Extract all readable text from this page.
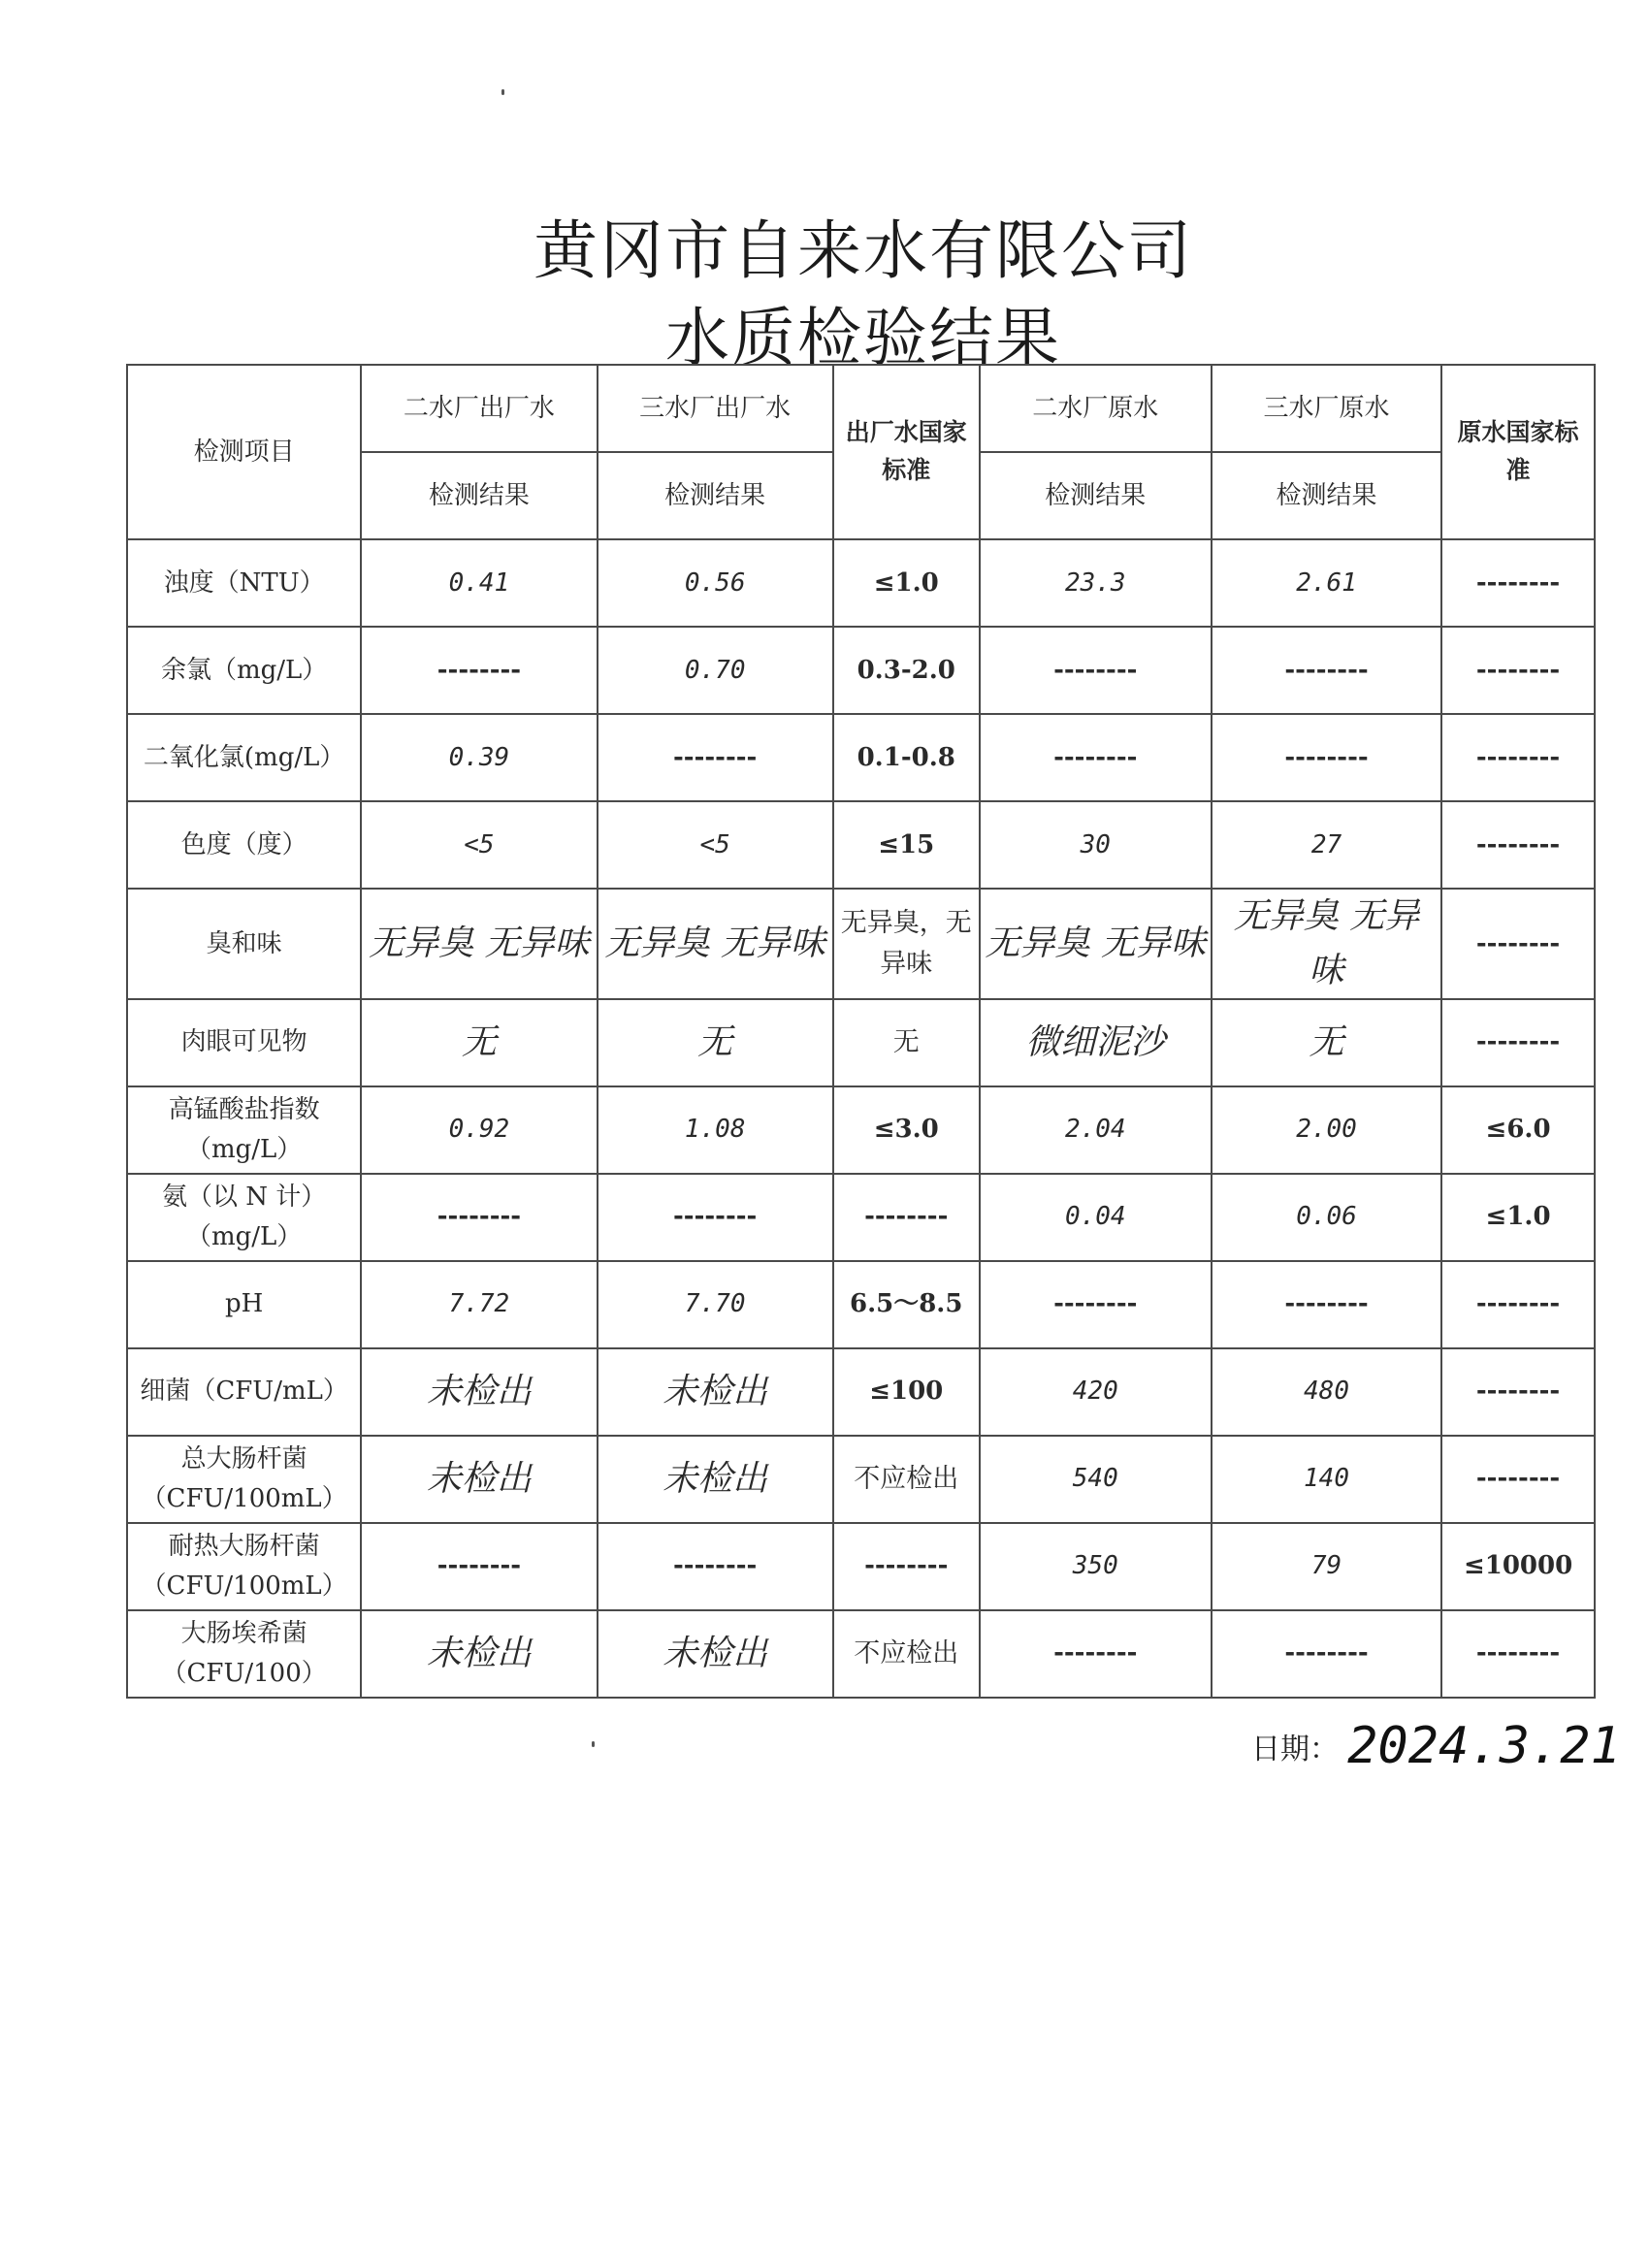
黄冈市自来水有限公司
水质检验结果
检测项目	二水厂出厂水	三水厂出厂水	出厂水国家标准	二水厂原水	三水厂原水	原水国家标准
	检测结果	检测结果		检测结果	检测结果	
浊度（NTU）	0.41	0.56	≤1.0	23.3	2.61	--------
余氯（mg/L）	--------	0.70	0.3-2.0	--------	--------	--------
二氧化氯(mg/L）	0.39	--------	0.1-0.8	--------	--------	--------
色度（度）	<5	<5	≤15	30	27	--------
臭和味	无异臭 无异味	无异臭 无异味	无异臭，无异味	无异臭 无异味	无异臭 无异味	--------
肉眼可见物	无	无	无	微细泥沙	无	--------
高锰酸盐指数（mg/L）	0.92	1.08	≤3.0	2.04	2.00	≤6.0
氨（以 N 计）（mg/L）	--------	--------	--------	0.04	0.06	≤1.0
pH	7.72	7.70	6.5～8.5	--------	--------	--------
细菌（CFU/mL）	未检出	未检出	≤100	420	480	--------
总大肠杆菌（CFU/100mL）	未检出	未检出	不应检出	540	140	--------
耐热大肠杆菌（CFU/100mL）	--------	--------	--------	350	79	≤10000
大肠埃希菌（CFU/100）	未检出	未检出	不应检出	--------	--------	--------
日期： 2024.3.21
